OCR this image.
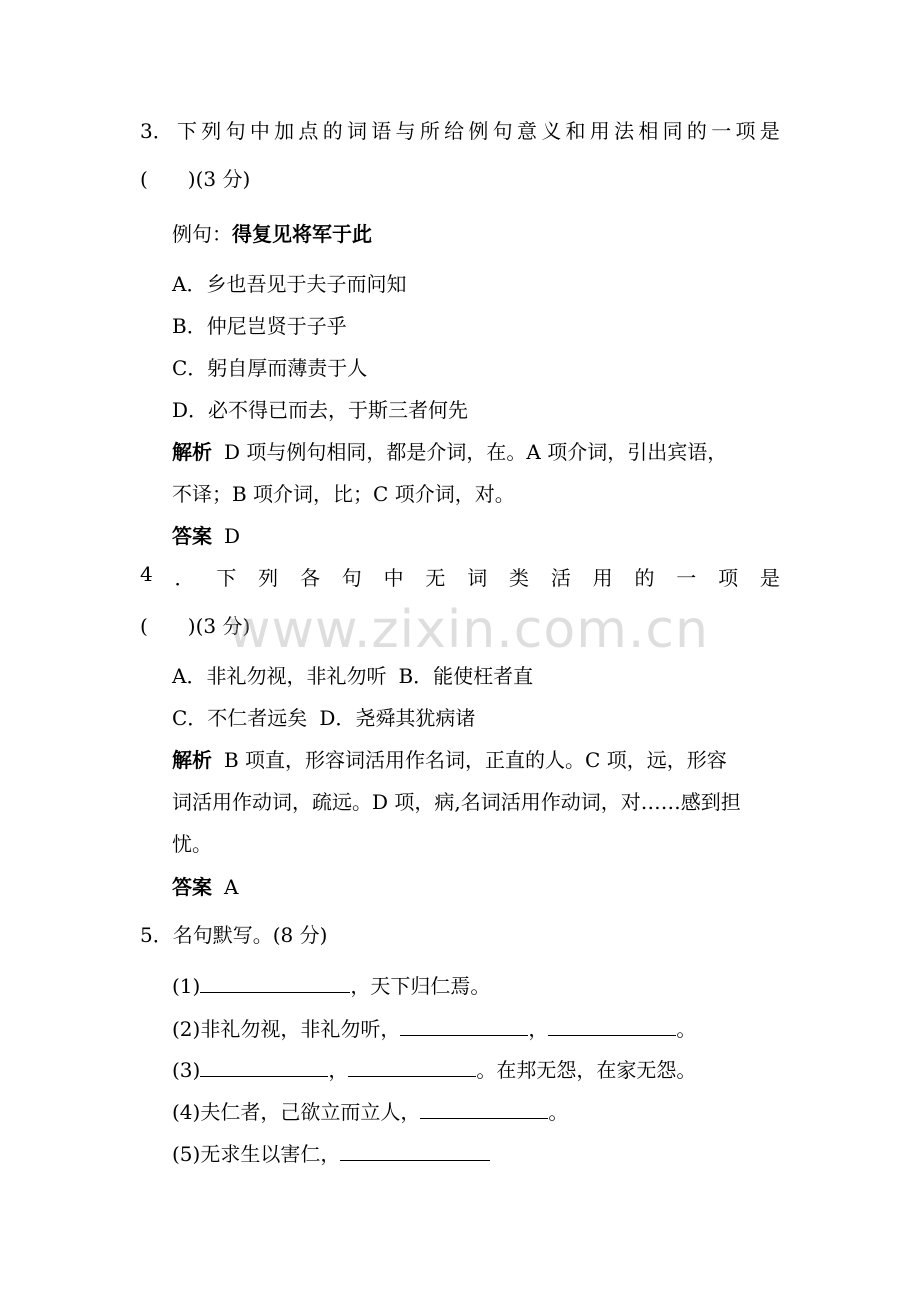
3． 下 列 句 中 加 点 的 词 语 与 所 给 例 句 意 义 和 用 法 相 同 的 一 项 是
(　　)(3 分)
例句：得复见将军于此
A．乡也吾见于夫子而问知
B．仲尼岂贤于子乎
C．躬自厚而薄责于人
D．必不得已而去，于斯三者何先
解析 D 项与例句相同，都是介词，在。A 项介词，引出宾语，
不译；B 项介词，比；C 项介词，对。
答案 D
4 ． 下 列 各 句 中 无 词 类 活 用 的 一 项 是
(　　)(3 分)
A．非礼勿视，非礼勿听 B．能使枉者直
C．不仁者远矣 D．尧舜其犹病诸
解析 B 项直，形容词活用作名词，正直的人。C 项，远，形容
词活用作动词，疏远。D 项，病,名词活用作动词，对……感到担
忧。
答案 A
5．名句默写。(8 分)
(1)	，天下归仁焉。
(2)非礼勿视，非礼勿听，	，	。
(3)	，	。在邦无怨，在家无怨。
(4)夫仁者，己欲立而立人，	。
(5)无求生以害仁，
www.zixin.com.cn
